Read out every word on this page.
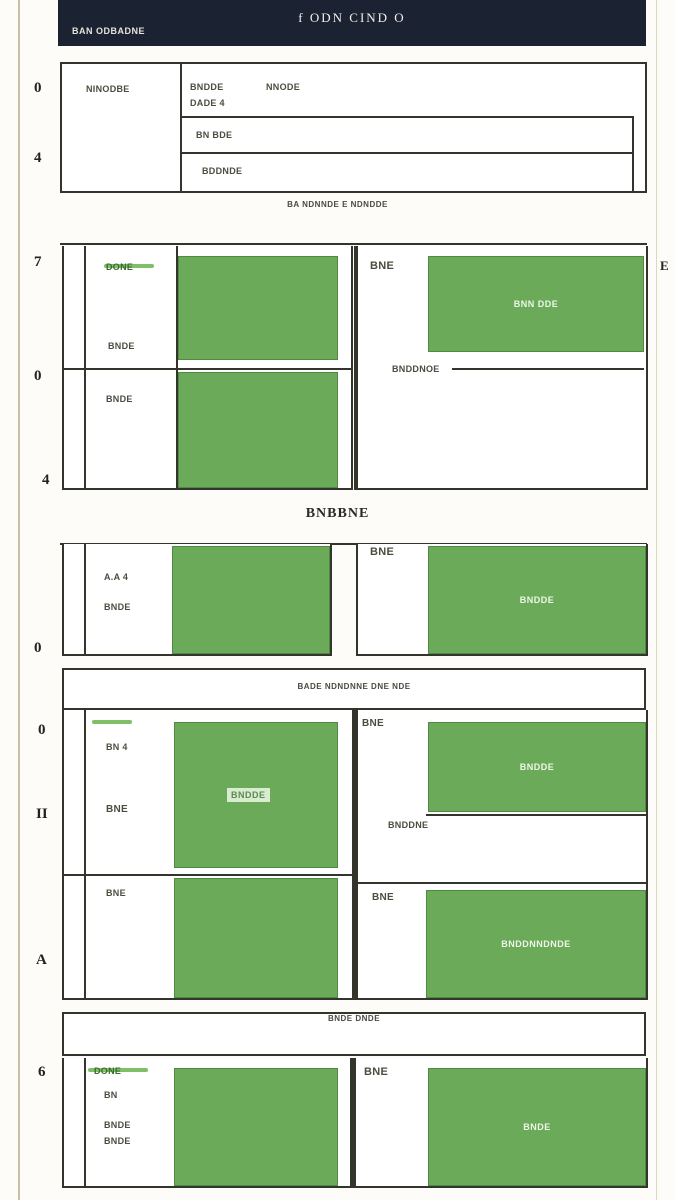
f ODN CIND O
BAN ODBADNE
0
4
7
0
4
0
0
II
A
6
E
NINODBE	BNDDE	NNODE
DADE 4
BN BDE
BDDNDE
BA NDNNDE E NDNDDE
DONE
BNDE
BNDE
BNE
BNN DDE
BNDDNOE
BNBBNE
A.A 4
BNDE
BNE
BNDDE
BADE NDNDNNE DNE NDE
BN 4
BNE
BNE
BNDDE
BNE
BNDDE
BNDDNE
BNE
BNDDNNDNDE
BNDE DNDE
DONE
BN
BNDE
BNDE
BNE
BNDE
